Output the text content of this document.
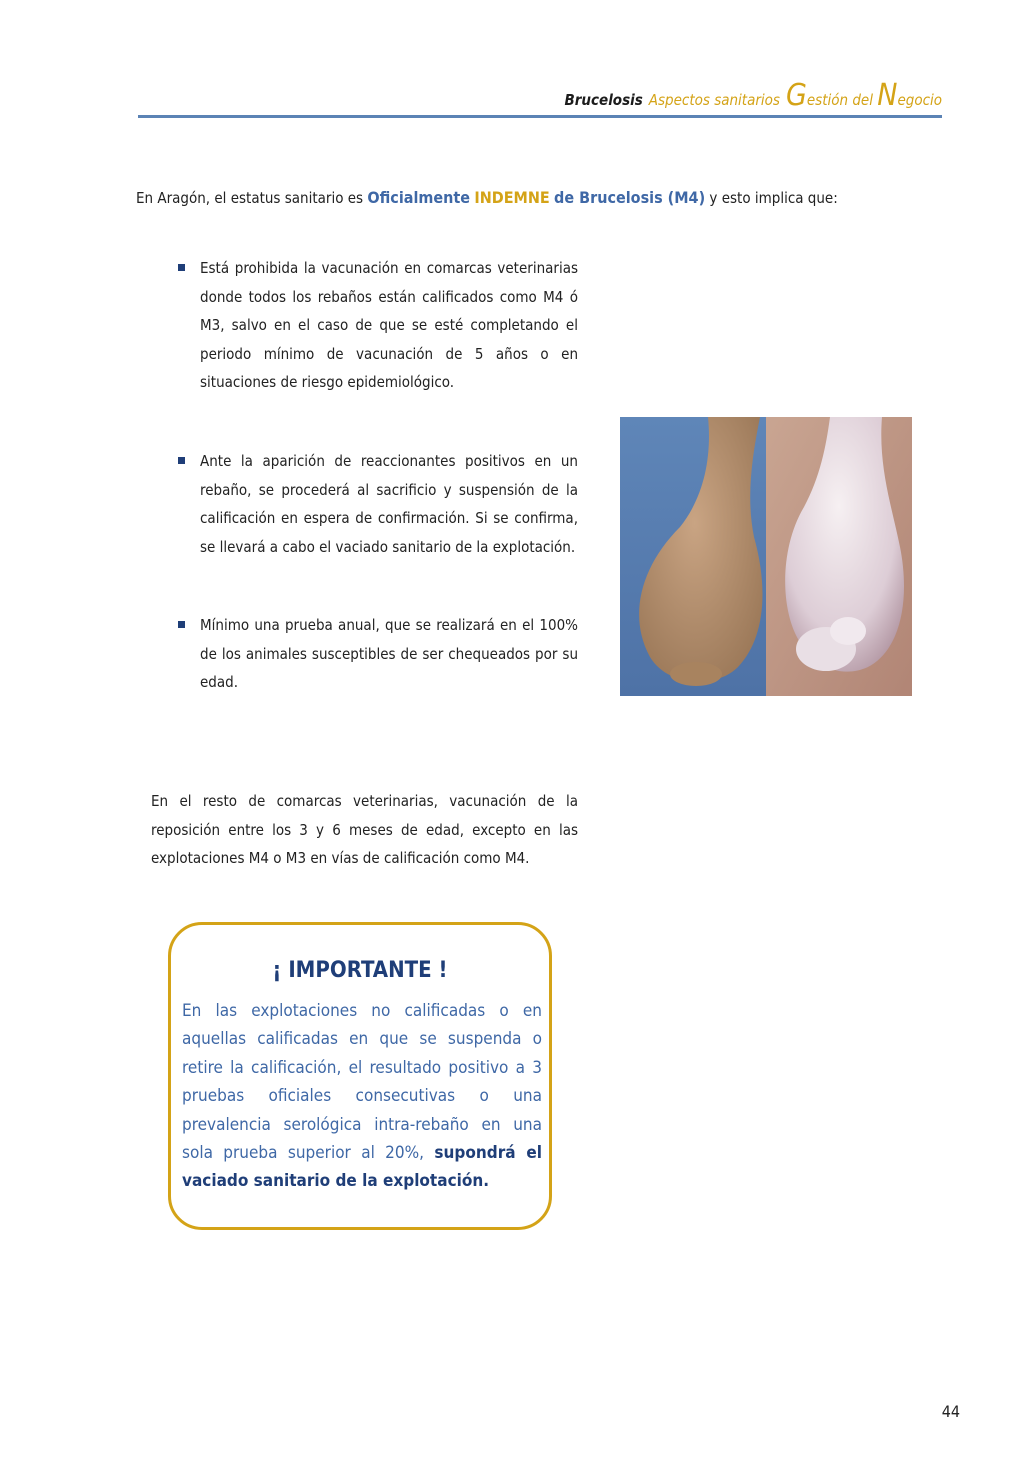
Brucelosis Aspectos sanitarios Gestión del Negocio
En Aragón, el estatus sanitario es Oficialmente INDEMNE de Brucelosis (M4) y esto implica que:
Está prohibida la vacunación en comarcas veterinarias donde todos los rebaños están calificados como M4 ó M3, salvo en el caso de que se esté completando el periodo mínimo de vacunación de 5 años o en situaciones de riesgo epidemiológico.
Ante la aparición de reaccionantes positivos en un rebaño, se procederá al sacrificio y suspensión de la calificación en espera de confirmación. Si se confirma, se llevará a cabo el vaciado sanitario de la explotación.
Mínimo una prueba anual, que se realizará en el 100% de los animales susceptibles de ser chequeados por su edad.
En el resto de comarcas veterinarias, vacunación de la reposición entre los 3 y 6 meses de edad, excepto en las explotaciones M4 o M3 en vías de calificación como M4.
¡ IMPORTANTE !
En las explotaciones no calificadas o en aquellas calificadas en que se suspenda o retire la calificación, el resultado positivo a 3 pruebas oficiales consecutivas o una prevalencia serológica intra-rebaño en una sola prueba superior al 20%, supondrá el vaciado sanitario de la explotación.
44
